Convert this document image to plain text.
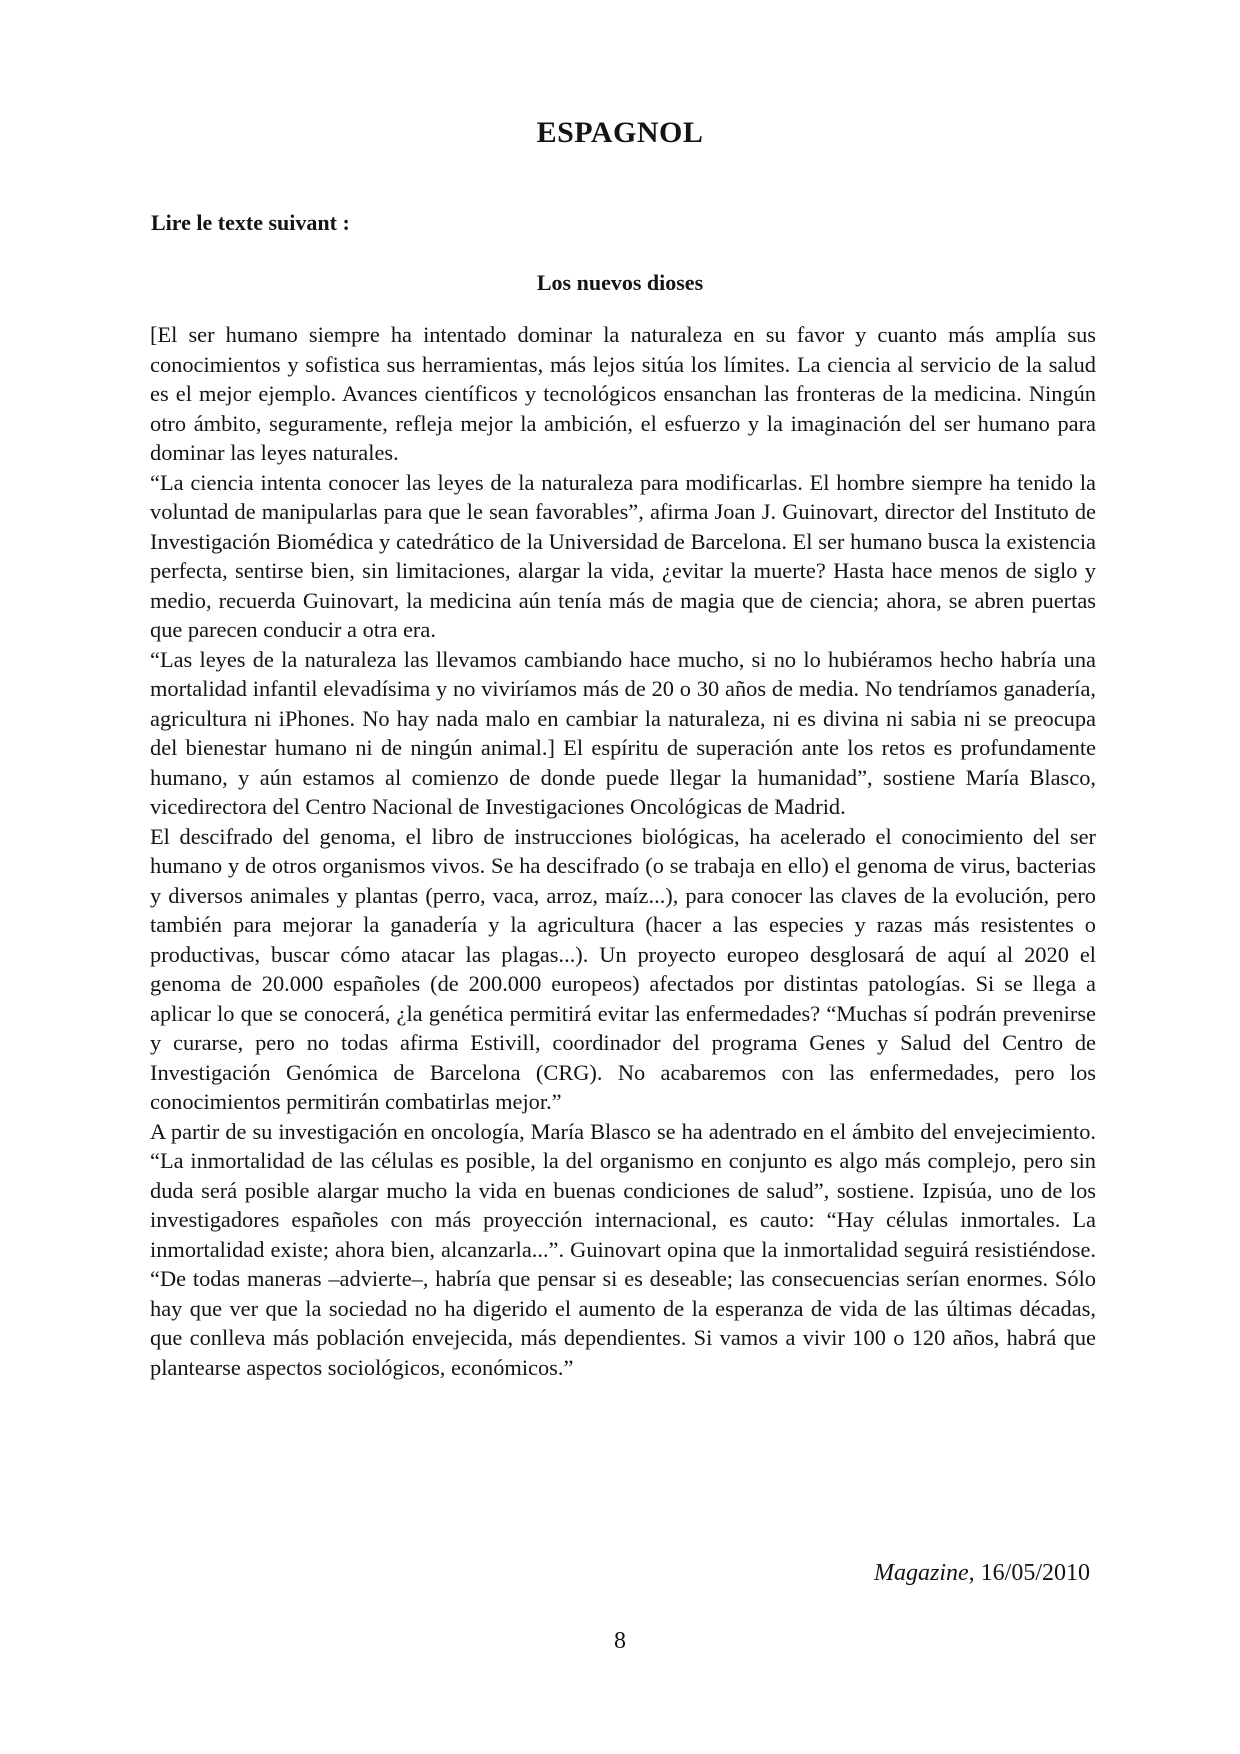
ESPAGNOL
Lire le texte suivant :
Los nuevos dioses

[El ser humano siempre ha intentado dominar la naturaleza en su favor y cuanto más amplía sus conocimientos y sofistica sus herramientas, más lejos sitúa los límites. La ciencia al servicio de la salud es el mejor ejemplo. Avances científicos y tecnológicos ensanchan las fronteras de la medicina. Ningún otro ámbito, seguramente, refleja mejor la ambición, el esfuerzo y la imaginación del ser humano para dominar las leyes naturales.

“La ciencia intenta conocer las leyes de la naturaleza para modificarlas. El hombre siempre ha tenido la voluntad de manipularlas para que le sean favorables”, afirma Joan J. Guinovart, director del Instituto de Investigación Biomédica y catedrático de la Universidad de Barcelona. El ser humano busca la existencia perfecta, sentirse bien, sin limitaciones, alargar la vida, ¿evitar la muerte? Hasta hace menos de siglo y medio, recuerda Guinovart, la medicina aún tenía más de magia que de ciencia; ahora, se abren puertas que parecen conducir a otra era.

“Las leyes de la naturaleza las llevamos cambiando hace mucho, si no lo hubiéramos hecho habría una mortalidad infantil elevadísima y no viviríamos más de 20 o 30 años de media. No tendríamos ganadería, agricultura ni iPhones. No hay nada malo en cambiar la naturaleza, ni es divina ni sabia ni se preocupa del bienestar humano ni de ningún animal.] El espíritu de superación ante los retos es profundamente humano, y aún estamos al comienzo de donde puede llegar la humanidad”, sostiene María Blasco, vicedirectora del Centro Nacional de Investigaciones Oncológicas de Madrid.

El descifrado del genoma, el libro de instrucciones biológicas, ha acelerado el conocimiento del ser humano y de otros organismos vivos. Se ha descifrado (o se trabaja en ello) el genoma de virus, bacterias y diversos animales y plantas (perro, vaca, arroz, maíz...), para conocer las claves de la evolución, pero también para mejorar la ganadería y la agricultura (hacer a las especies y razas más resistentes o productivas, buscar cómo atacar las plagas...). Un proyecto europeo desglosará de aquí al 2020 el genoma de 20.000 españoles (de 200.000 europeos) afectados por distintas patologías. Si se llega a aplicar lo que se conocerá, ¿la genética permitirá evitar las enfermedades? “Muchas sí podrán prevenirse y curarse, pero no todas afirma Estivill, coordinador del programa Genes y Salud del Centro de Investigación Genómica de Barcelona (CRG). No acabaremos con las enfermedades, pero los conocimientos permitirán combatirlas mejor.”

A partir de su investigación en oncología, María Blasco se ha adentrado en el ámbito del envejecimiento. “La inmortalidad de las células es posible, la del organismo en conjunto es algo más complejo, pero sin duda será posible alargar mucho la vida en buenas condiciones de salud”, sostiene. Izpisúa, uno de los investigadores españoles con más proyección internacional, es cauto: “Hay células inmortales. La inmortalidad existe; ahora bien, alcanzarla...”. Guinovart opina que la inmortalidad seguirá resistiéndose. “De todas maneras –advierte–, habría que pensar si es deseable; las consecuencias serían enormes. Sólo hay que ver que la sociedad no ha digerido el aumento de la esperanza de vida de las últimas décadas, que conlleva más población envejecida, más dependientes. Si vamos a vivir 100 o 120 años, habrá que plantearse aspectos sociológicos, económicos.”

Magazine, 16/05/2010
8
